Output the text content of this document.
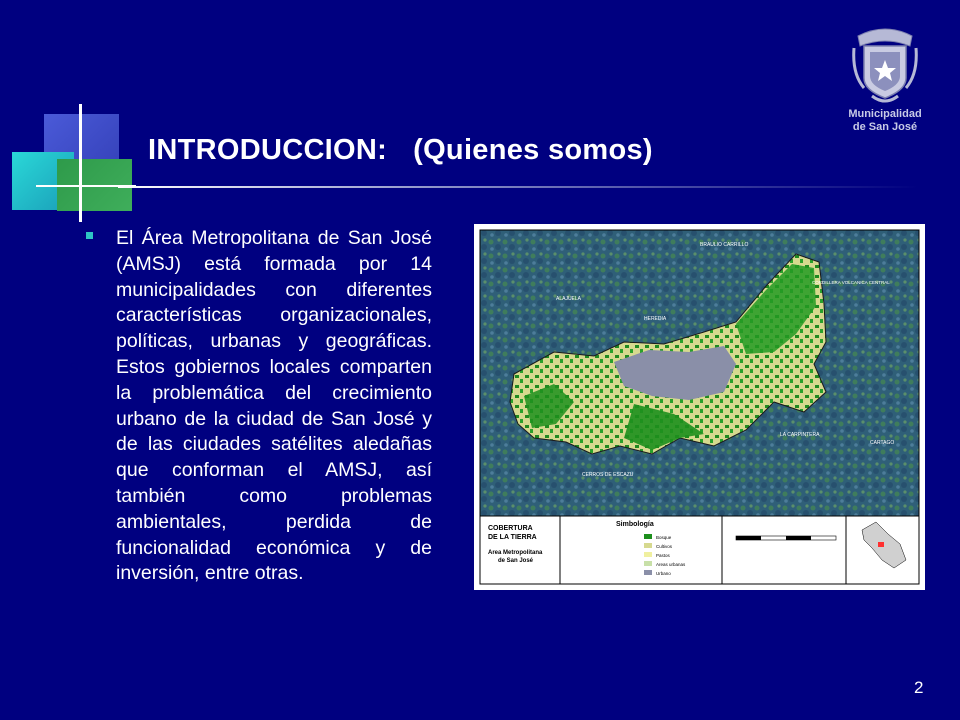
INTRODUCCION: (Quienes somos)
Municipalidad
de San José

El Área Metropolitana de San José (AMSJ) está formada por 14 municipalidades con diferentes características organizacionales, políticas, urbanas y geográficas. Estos gobiernos locales comparten la problemática del crecimiento urbano de la ciudad de San José y de las ciudades satélites aledañas que conforman el AMSJ, así también como problemas ambientales, perdida de funcionalidad económica y de inversión, entre otras.

COBERTURA
DE LA TIERRA
Area Metropolitana
de San José
Simbología
Bosque
Cultivos
Pastos
Areas urbanas
Urbano
BRAULIO CARRILLO
CORDILLERA VOLCANICA CENTRAL
CERROS DE ESCAZU
LA CARPINTERA
CARTAGO
HEREDIA
ALAJUELA
2
